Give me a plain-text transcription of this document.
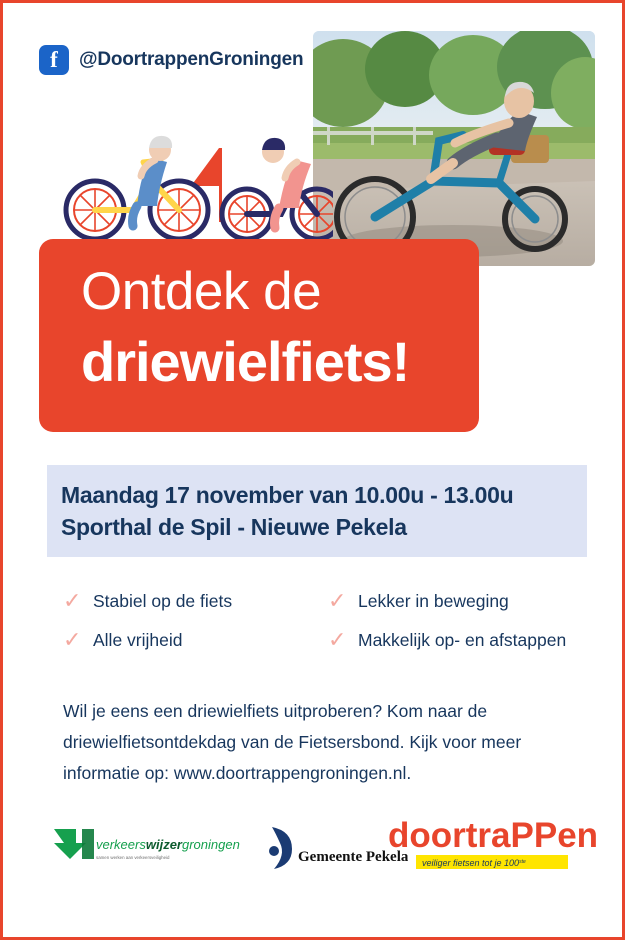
f	@DoortrappenGroningen
Ontdek de
driewielfiets!
Maandag 17 november van 10.00u - 13.00u
Sporthal de Spil - Nieuwe Pekela
✓ Stabiel op de fiets	✓ Lekker in beweging
✓ Alle vrijheid	✓ Makkelijk op- en afstappen
Wil je eens een driewielfiets uitproberen? Kom naar de driewielfietsontdekdag van de Fietsersbond. Kijk voor meer informatie op: www.doortrappengroningen.nl.
verkeerswijzergroningen
samen werken aan verkeersveiligheid	Gemeente Pekela
doortraPPen
veiliger fietsen tot je 100ste
